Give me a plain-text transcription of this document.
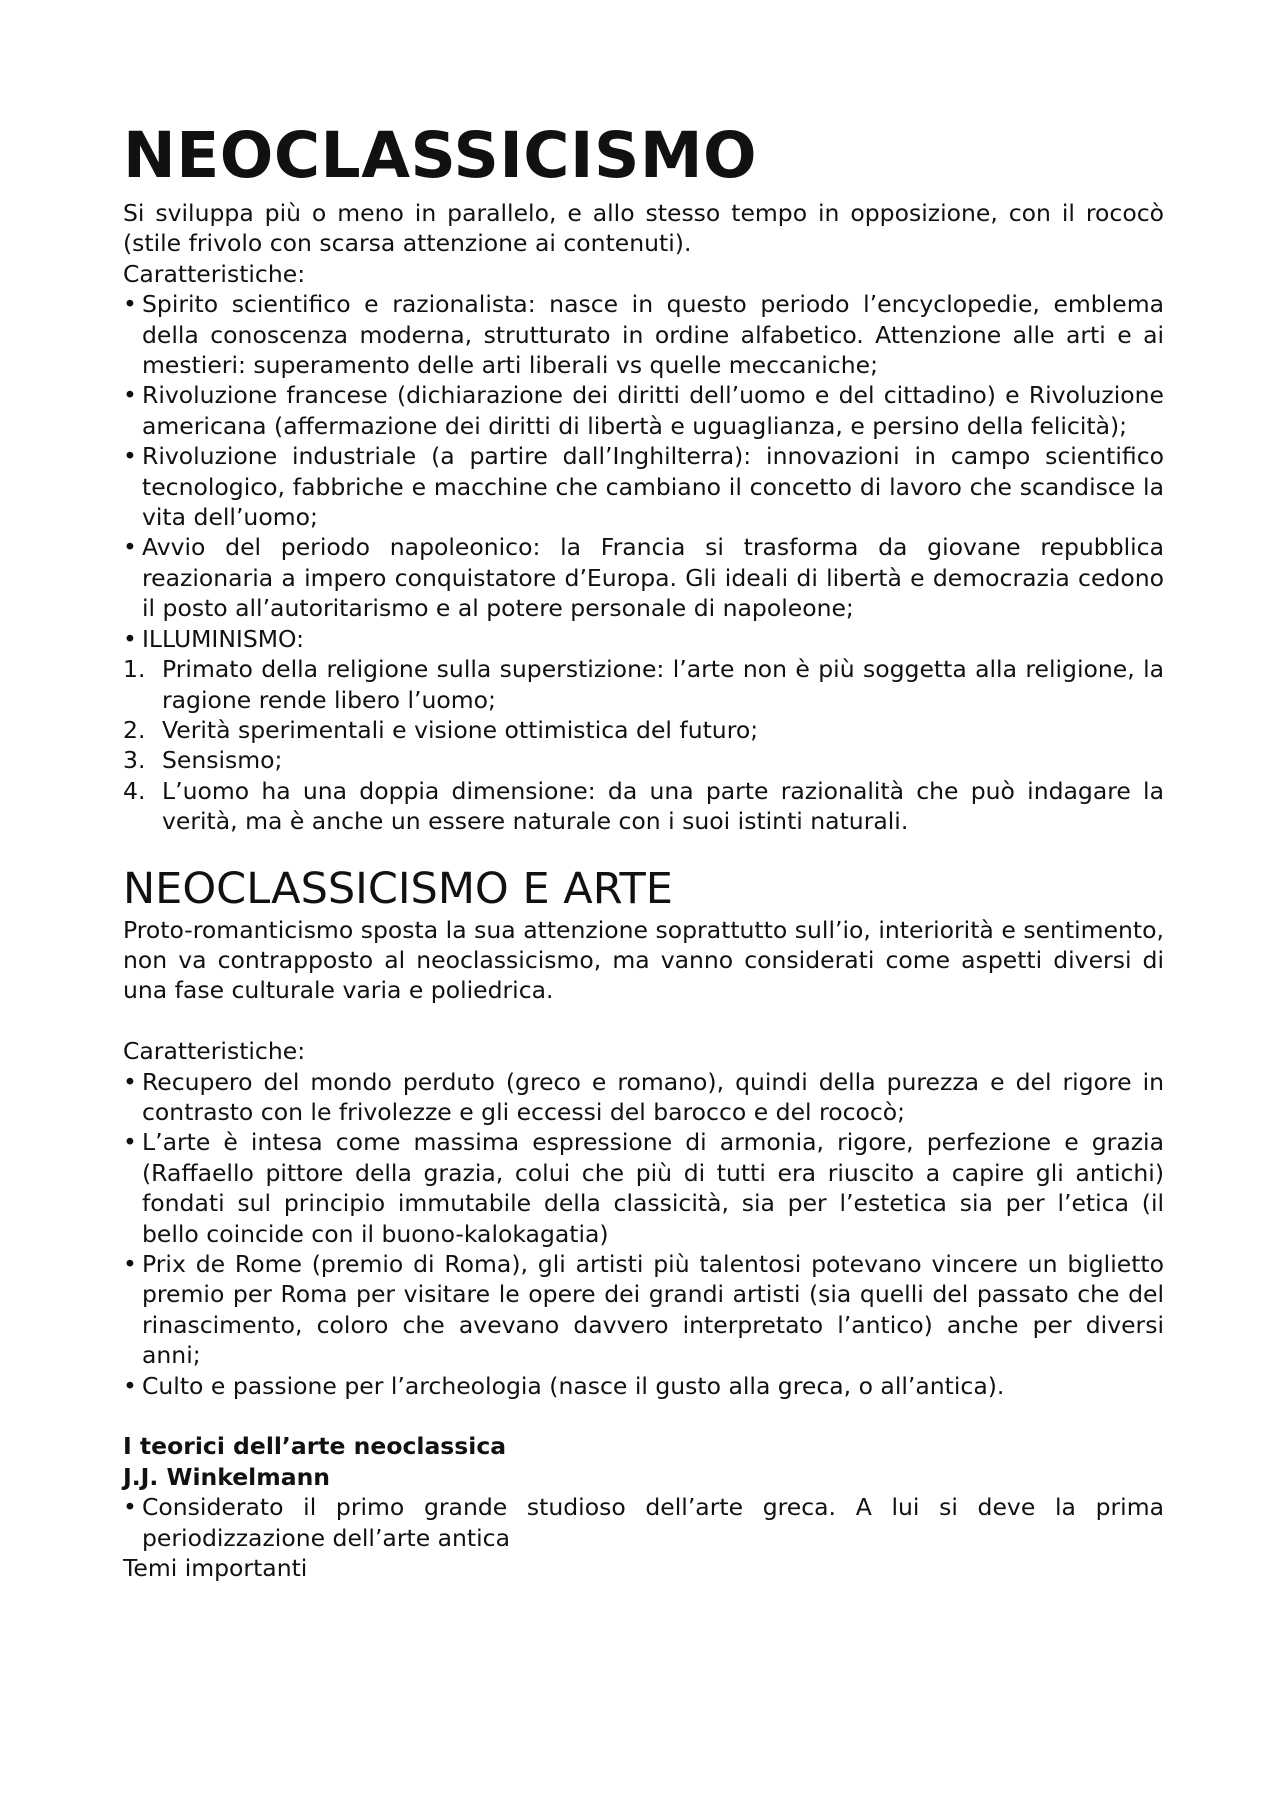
NEOCLASSICISMO

Si sviluppa più o meno in parallelo, e allo stesso tempo in opposizione, con il rococò (stile frivolo con scarsa attenzione ai contenuti).

Caratteristiche:
• Spirito scientifico e razionalista: nasce in questo periodo l’encyclopedie, emblema della conoscenza moderna, strutturato in ordine alfabetico. Attenzione alle arti e ai mestieri: superamento delle arti liberali vs quelle meccaniche;
• Rivoluzione francese (dichiarazione dei diritti dell’uomo e del cittadino) e Rivoluzione americana (affermazione dei diritti di libertà e uguaglianza, e persino della felicità);
• Rivoluzione industriale (a partire dall’Inghilterra): innovazioni in campo scientifico tecnologico, fabbriche e macchine che cambiano il concetto di lavoro che scandisce la vita dell’uomo;
• Avvio del periodo napoleonico: la Francia si trasforma da giovane repubblica reazionaria a impero conquistatore d’Europa. Gli ideali di libertà e democrazia cedono il posto all’autoritarismo e al potere personale di napoleone;
• ILLUMINISMO:
1. Primato della religione sulla superstizione: l’arte non è più soggetta alla religione, la ragione rende libero l’uomo;
2. Verità sperimentali e visione ottimistica del futuro;
3. Sensismo;
4. L’uomo ha una doppia dimensione: da una parte razionalità che può indagare la verità, ma è anche un essere naturale con i suoi istinti naturali.
NEOCLASSICISMO E ARTE

Proto-romanticismo sposta la sua attenzione soprattutto sull’io, interiorità e sentimento, non va contrapposto al neoclassicismo, ma vanno considerati come aspetti diversi di una fase culturale varia e poliedrica.

Caratteristiche:
• Recupero del mondo perduto (greco e romano), quindi della purezza e del rigore in contrasto con le frivolezze e gli eccessi del barocco e del rococò;
• L’arte è intesa come massima espressione di armonia, rigore, perfezione e grazia (Raffaello pittore della grazia, colui che più di tutti era riuscito a capire gli antichi) fondati sul principio immutabile della classicità, sia per l’estetica sia per l’etica (il bello coincide con il buono-kalokagatia)
• Prix de Rome (premio di Roma), gli artisti più talentosi potevano vincere un biglietto premio per Roma per visitare le opere dei grandi artisti (sia quelli del passato che del rinascimento, coloro che avevano davvero interpretato l’antico) anche per diversi anni;
• Culto e passione per l’archeologia (nasce il gusto alla greca, o all’antica).
I teorici dell’arte neoclassica
J.J. Winkelmann
• Considerato il primo grande studioso dell’arte greca. A lui si deve la prima periodizzazione dell’arte antica
Temi importanti
